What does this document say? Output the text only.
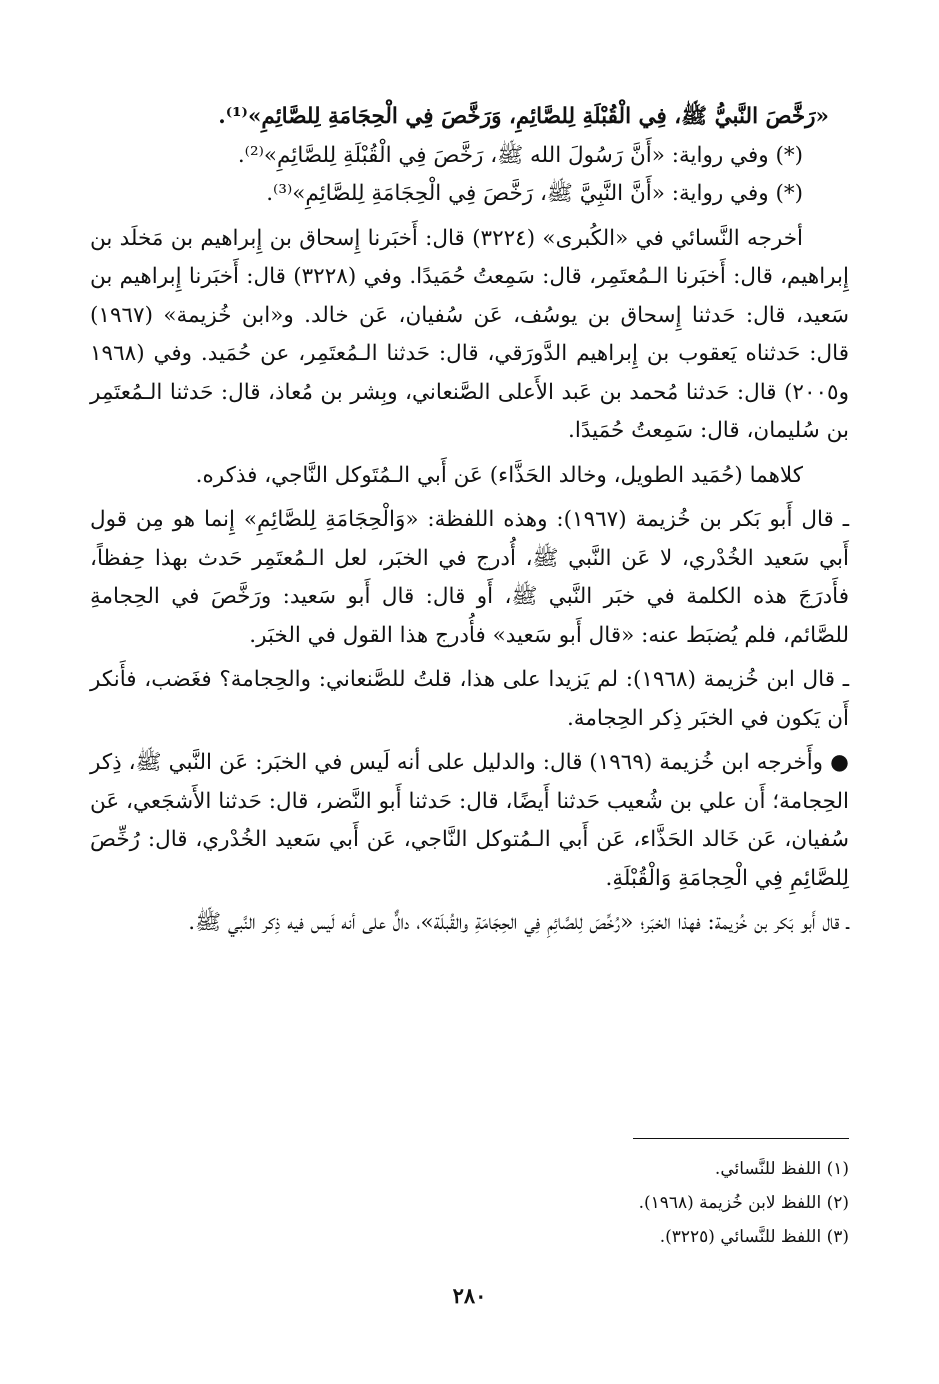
«رَخَّصَ النَّبيُّ ﷺ، فِي الْقُبْلَةِ لِلصَّائِمِ، وَرَخَّصَ فِي الْحِجَامَةِ لِلصَّائِمِ»⁽¹⁾.

(*) وفي رواية: «أَنَّ رَسُولَ الله ﷺ، رَخَّصَ فِي الْقُبْلَةِ لِلصَّائِمِ»⁽²⁾.

(*) وفي رواية: «أَنَّ النَّبِيَّ ﷺ، رَخَّصَ فِي الْحِجَامَةِ لِلصَّائِمِ»⁽³⁾.

أخرجه النَّسائي في «الكُبرى» (٣٢٢٤) قال: أَخبَرنا إِسحاق بن إِبراهيم بن مَخلَد بن إِبراهيم، قال: أَخبَرنا الـمُعتَمِر، قال: سَمِعتُ حُمَيدًا. وفي (٣٢٢٨) قال: أَخبَرنا إِبراهيم بن سَعيد، قال: حَدثنا إِسحاق بن يوسُف، عَن سُفيان، عَن خالد. و«ابن خُزيمة» (١٩٦٧) قال: حَدثناه يَعقوب بن إِبراهيم الدَّورَقي، قال: حَدثنا الـمُعتَمِر، عن حُمَيد. وفي (١٩٦٨ و٢٠٠٥) قال: حَدثنا مُحمد بن عَبد الأَعلى الصَّنعاني، وبِشر بن مُعاذ، قال: حَدثنا الـمُعتَمِر بن سُليمان، قال: سَمِعتُ حُمَيدًا.

كلاهما (حُمَيد الطويل، وخالد الحَذَّاء) عَن أَبي الـمُتَوكل النَّاجي، فذكره.

ـ قال أَبو بَكر بن خُزيمة (١٩٦٧): وهذه اللفظة: «وَالْحِجَامَةِ لِلصَّائِمِ» إِنما هو مِن قول أَبي سَعيد الخُدْري، لا عَن النَّبي ﷺ، أُدرج في الخبَر، لعل الـمُعتَمِر حَدث بهذا حِفظاً، فأَدرَجَ هذه الكلمة في خبَر النَّبي ﷺ، أَو قال: قال أَبو سَعيد: ورَخَّصَ في الحِجامةِ للصَّائم، فلم يُضبَط عنه: «قال أَبو سَعيد» فأُدرج هذا القول في الخبَر.

ـ قال ابن خُزيمة (١٩٦٨): لم يَزيدا على هذا، قلتُ للصَّنعاني: والحِجامة؟ فغَضب، فأَنكر أَن يَكون في الخبَر ذِكر الحِجامة.

● وأَخرجه ابن خُزيمة (١٩٦٩) قال: والدليل على أنه لَيس في الخبَر: عَن النَّبي ﷺ، ذِكر الحِجامة؛ أَن علي بن شُعيب حَدثنا أَيضًا، قال: حَدثنا أَبو النَّضر، قال: حَدثنا الأَشجَعي، عَن سُفيان، عَن خَالد الحَذَّاء، عَن أَبي الـمُتوكل النَّاجي، عَن أَبي سَعيد الخُدْري، قال: رُخِّصَ لِلصَّائِمِ فِي الْحِجامَةِ وَالْقُبْلَةِ.

ـ قال أَبو بَكر بن خُزيمة: فهذا الخبَر؛ «رُخِّصَ لِلصَّائِمِ فِي الحِجَامَةِ والقُبلَة»، دالٌّ على أنه لَيس فيه ذِكر النَّبي ﷺ.

(١) اللفظ للنَّسائي.

(٢) اللفظ لابن خُزيمة (١٩٦٨).

(٣) اللفظ للنَّسائي (٣٢٢٥).

٢٨٠
